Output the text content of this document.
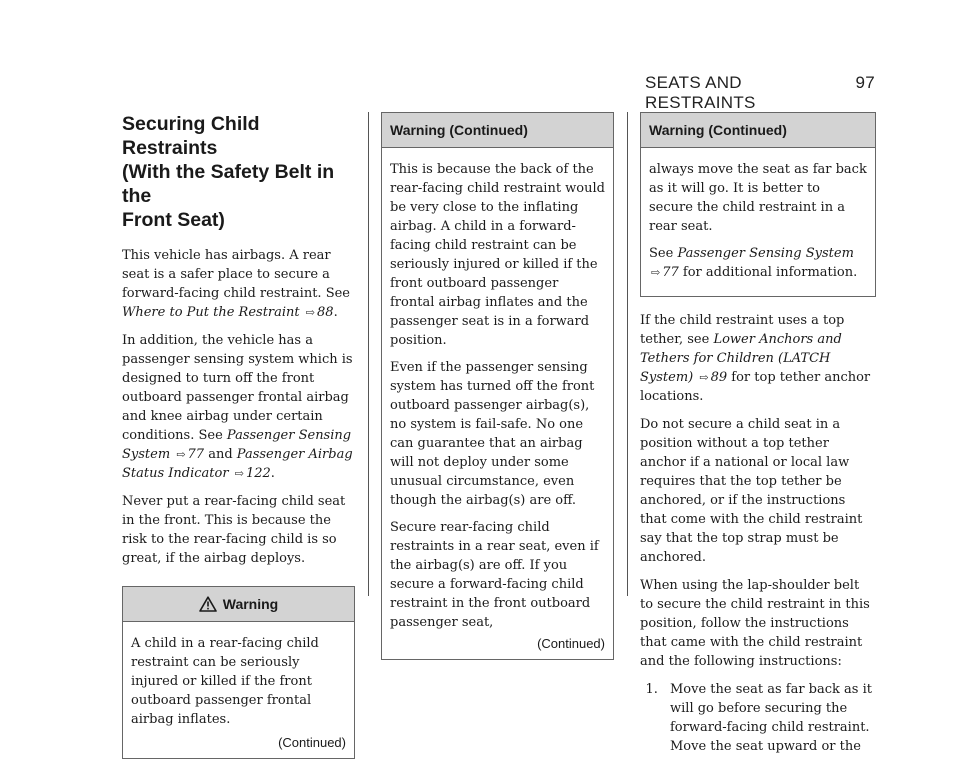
SEATS AND RESTRAINTS
97
Securing Child Restraints
(With the Safety Belt in the
Front Seat)

This vehicle has airbags. A rear seat is a safer place to secure a forward-facing child restraint. See Where to Put the Restraint ⇨ 88.

In addition, the vehicle has a passenger sensing system which is designed to turn off the front outboard passenger frontal airbag and knee airbag under certain conditions. See Passenger Sensing System ⇨ 77 and Passenger Airbag Status Indicator ⇨ 122.

Never put a rear-facing child seat in the front. This is because the risk to the rear-facing child is so great, if the airbag deploys.

Warning

A child in a rear-facing child restraint can be seriously injured or killed if the front outboard passenger frontal airbag inflates.

(Continued)
Warning (Continued)

This is because the back of the rear-facing child restraint would be very close to the inflating airbag. A child in a forward-facing child restraint can be seriously injured or killed if the front outboard passenger frontal airbag inflates and the passenger seat is in a forward position.

Even if the passenger sensing system has turned off the front outboard passenger airbag(s), no system is fail-safe. No one can guarantee that an airbag will not deploy under some unusual circumstance, even though the airbag(s) are off.

Secure rear-facing child restraints in a rear seat, even if the airbag(s) are off. If you secure a forward-facing child restraint in the front outboard passenger seat,

(Continued)
Warning (Continued)

always move the seat as far back as it will go. It is better to secure the child restraint in a rear seat.

See Passenger Sensing System ⇨ 77 for additional information.

If the child restraint uses a top tether, see Lower Anchors and Tethers for Children (LATCH System) ⇨ 89 for top tether anchor locations.

Do not secure a child seat in a position without a top tether anchor if a national or local law requires that the top tether be anchored, or if the instructions that come with the child restraint say that the top strap must be anchored.

When using the lap-shoulder belt to secure the child restraint in this position, follow the instructions that came with the child restraint and the following instructions:

1. Move the seat as far back as it will go before securing the forward-facing child restraint. Move the seat upward or the
